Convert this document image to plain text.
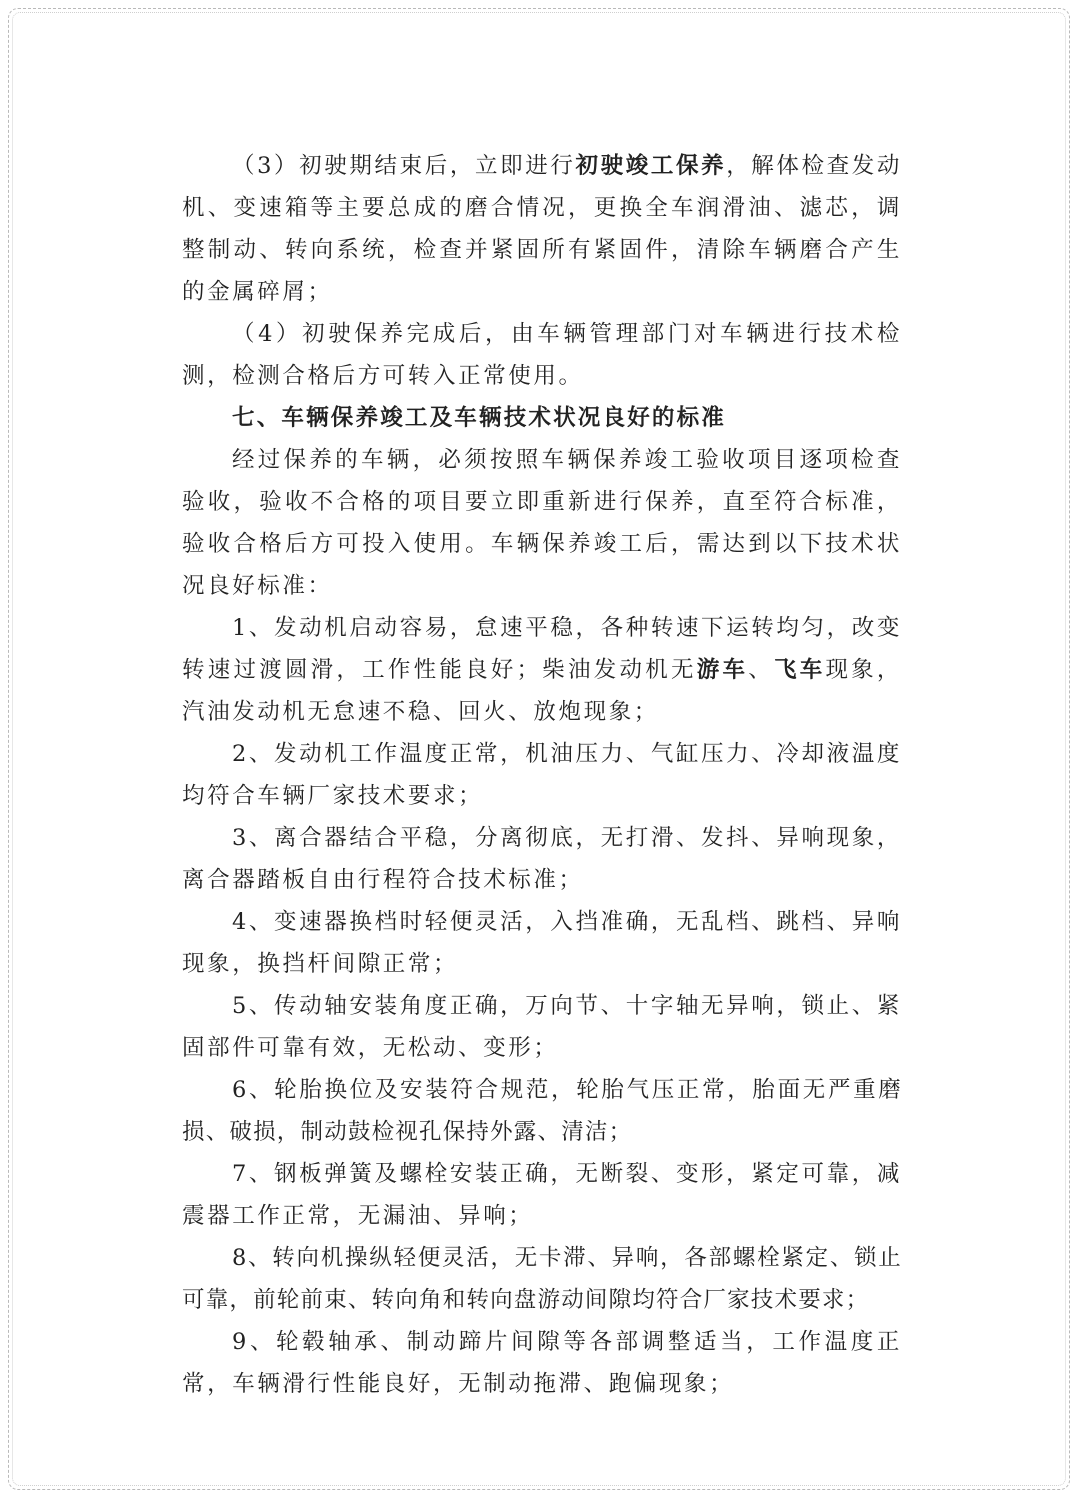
（3）初驶期结束后，立即进行初驶竣工保养，解体检查发动机、变速箱等主要总成的磨合情况，更换全车润滑油、滤芯，调整制动、转向系统，检查并紧固所有紧固件，清除车辆磨合产生的金属碎屑；

（4）初驶保养完成后，由车辆管理部门对车辆进行技术检测，检测合格后方可转入正常使用。

七、车辆保养竣工及车辆技术状况良好的标准

经过保养的车辆，必须按照车辆保养竣工验收项目逐项检查验收，验收不合格的项目要立即重新进行保养，直至符合标准，验收合格后方可投入使用。车辆保养竣工后，需达到以下技术状况良好标准：

1、发动机启动容易，怠速平稳，各种转速下运转均匀，改变转速过渡圆滑，工作性能良好；柴油发动机无游车、飞车现象，汽油发动机无怠速不稳、回火、放炮现象；

2、发动机工作温度正常，机油压力、气缸压力、冷却液温度均符合车辆厂家技术要求；

3、离合器结合平稳，分离彻底，无打滑、发抖、异响现象，离合器踏板自由行程符合技术标准；

4、变速器换档时轻便灵活，入挡准确，无乱档、跳档、异响现象，换挡杆间隙正常；

5、传动轴安装角度正确，万向节、十字轴无异响，锁止、紧固部件可靠有效，无松动、变形；

6、轮胎换位及安装符合规范，轮胎气压正常，胎面无严重磨损、破损，制动鼓检视孔保持外露、清洁；

7、钢板弹簧及螺栓安装正确，无断裂、变形，紧定可靠，减震器工作正常，无漏油、异响；

8、转向机操纵轻便灵活，无卡滞、异响，各部螺栓紧定、锁止可靠，前轮前束、转向角和转向盘游动间隙均符合厂家技术要求；

9、轮毂轴承、制动蹄片间隙等各部调整适当，工作温度正常，车辆滑行性能良好，无制动拖滞、跑偏现象；
